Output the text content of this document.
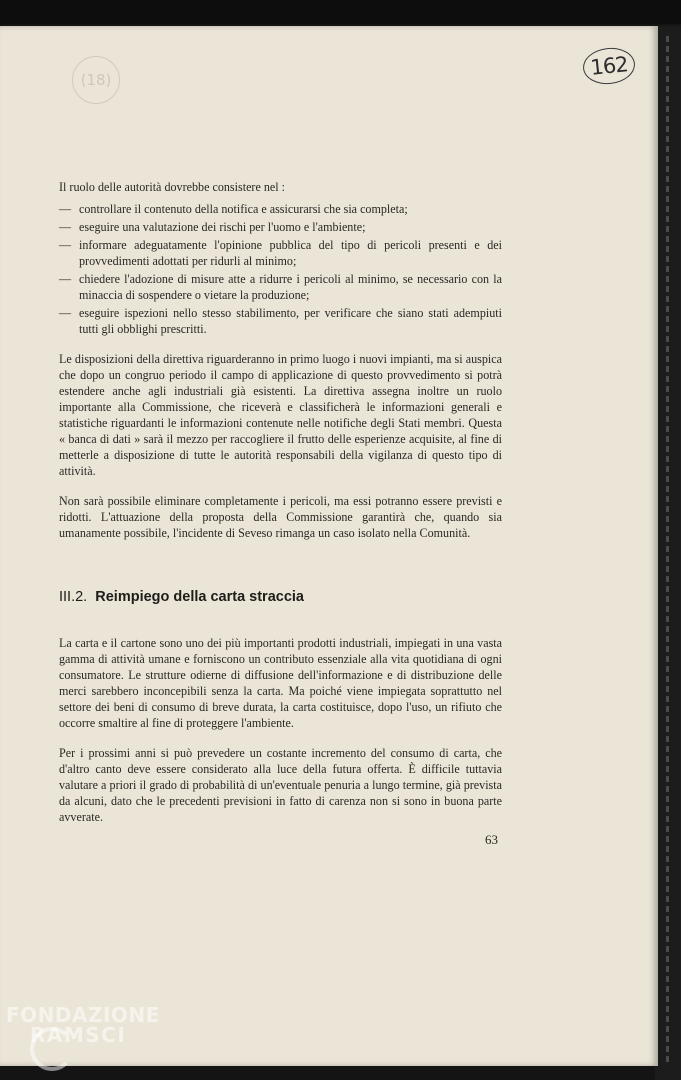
(18)
162

Il ruolo delle autorità dovrebbe consistere nel :

— controllare il contenuto della notifica e assicurarsi che sia completa;
— eseguire una valutazione dei rischi per l'uomo e l'ambiente;
— informare adeguatamente l'opinione pubblica del tipo di pericoli presenti e dei provvedimenti adottati per ridurli al minimo;
— chiedere l'adozione di misure atte a ridurre i pericoli al minimo, se necessario con la minaccia di sospendere o vietare la produzione;
— eseguire ispezioni nello stesso stabilimento, per verificare che siano stati adempiuti tutti gli obblighi prescritti.

Le disposizioni della direttiva riguarderanno in primo luogo i nuovi impianti, ma si auspica che dopo un congruo periodo il campo di applicazione di questo provvedimento si potrà estendere anche agli industriali già esistenti. La direttiva assegna inoltre un ruolo importante alla Commissione, che riceverà e classificherà le informazioni generali e statistiche riguardanti le informazioni contenute nelle notifiche degli Stati membri. Questa « banca di dati » sarà il mezzo per raccogliere il frutto delle esperienze acquisite, al fine di metterle a disposizione di tutte le autorità responsabili della vigilanza di questo tipo di attività.

Non sarà possibile eliminare completamente i pericoli, ma essi potranno essere previsti e ridotti. L'attuazione della proposta della Commissione garantirà che, quando sia umanamente possibile, l'incidente di Seveso rimanga un caso isolato nella Comunità.

III.2. Reimpiego della carta straccia

La carta e il cartone sono uno dei più importanti prodotti industriali, impiegati in una vasta gamma di attività umane e forniscono un contributo essenziale alla vita quotidiana di ogni consumatore. Le strutture odierne di diffusione dell'informazione e di distribuzione delle merci sarebbero inconcepibili senza la carta. Ma poiché viene impiegata soprattutto nel settore dei beni di consumo di breve durata, la carta costituisce, dopo l'uso, un rifiuto che occorre smaltire al fine di proteggere l'ambiente.

Per i prossimi anni si può prevedere un costante incremento del consumo di carta, che d'altro canto deve essere considerato alla luce della futura offerta. È difficile tuttavia valutare a priori il grado di probabilità di un'eventuale penuria a lungo termine, già prevista da alcuni, dato che le precedenti previsioni in fatto di carenza non si sono in buona parte avverate.

63
FONDAZIONE
RAMSCI
